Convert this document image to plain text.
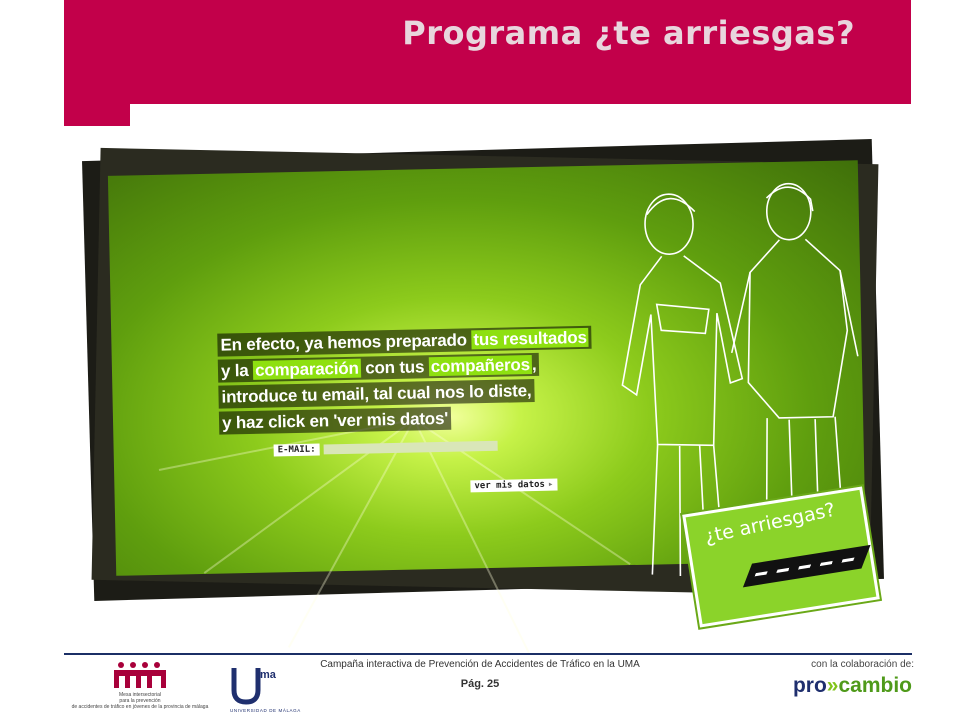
Programa ¿te arriesgas?
En efecto, ya hemos preparado tus resultados
y la comparación con tus compañeros,
introduce tu email, tal cual nos lo diste,
y haz click en 'ver mis datos'
E-MAIL:
ver mis datos ▸
¿te arriesgas?
Mesa intersectorial
para la prevención
de accidentes de tráfico en jóvenes de la provincia de málaga
ma
UNIVERSIDAD DE MÁLAGA
Campaña interactiva de Prevención de Accidentes de Tráfico en la UMA
Pág. 25
con la colaboración de:
pro»cambio
